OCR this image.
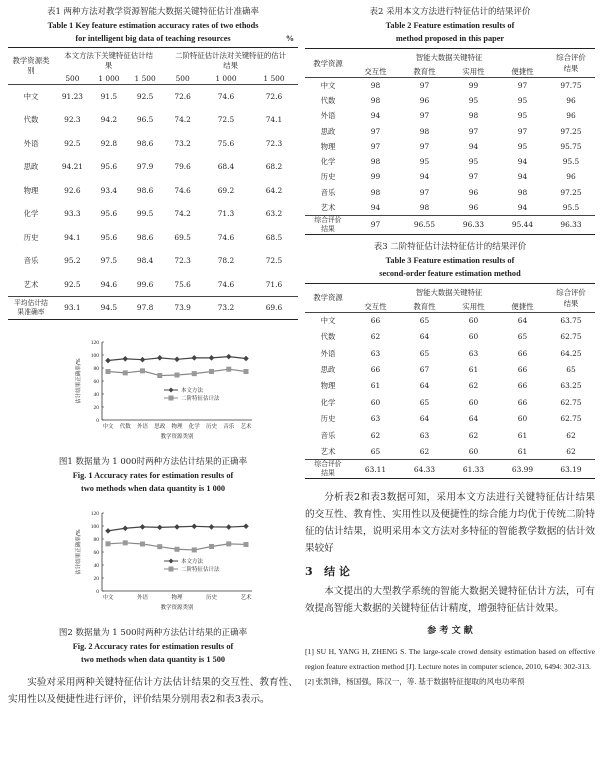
表1 两种方法对教学资源智能大数据关键特征估计准确率
Table 1 Key feature estimation accuracy rates of two ethods
for intelligent big data of teaching resources	%
教学资源类别	本文方法下关键特征估计结果			二阶特征估计法对关键特征的估计结果		
	500	1 000	1 500	500	1 000	1 500
中文	91.23	91.5	92.5	72.6	74.6	72.6
代数	92.3	94.2	96.5	74.2	72.5	74.1
外语	92.5	92.8	98.6	73.2	75.6	72.3
思政	94.21	95.6	97.9	79.6	68.4	68.2
物理	92.6	93.4	98.6	74.6	69.2	64.2
化学	93.3	95.6	99.5	74.2	71.3	63.2
历史	94.1	95.6	98.6	69.5	74.6	68.5
音乐	95.2	97.5	98.4	72.3	78.2	72.5
艺术	92.5	94.6	99.6	75.6	74.6	71.6
平均估计结果准确率	93.1	94.5	97.8	73.9	73.2	69.6
0
20
40
60
80
100
120
中文 代数 外语 思政 物理 化学 历史 音乐 艺术
估计结果正确率/%
教学资源类别
本文方法
二阶特征估计法
图1 数据量为 1 000时两种方法估计结果的正确率
Fig. 1 Accuracy rates for estimation results of
two methods when data quantity is 1 000
0
20
40
60
80
100
120
中文	外语	物理	历史	艺术
估计结果正确率/%
教学资源类别
本文方法
二阶特征估计法
图2 数据量为 1 500时两种方法估计结果的正确率
Fig. 2 Accuracy rates for estimation results of
two methods when data quantity is 1 500

实验对采用两种关键特征估计方法估计结果的交互性、教育性、实用性以及便捷性进行评价，评价结果分别用表2和表3表示。

表2 采用本文方法进行特征估计的结果评价
Table 2 Feature estimation results of
method proposed in this paper
教学资源	智能大数据关键特征				综合评价结果
	交互性	教育性	实用性	便捷性	
中文	98	97	99	97	97.75
代数	98	96	95	95	96
外语	94	97	98	95	96
思政	97	98	97	97	97.25
物理	97	97	94	95	95.75
化学	98	95	95	94	95.5
历史	99	94	97	94	96
音乐	98	97	96	98	97.25
艺术	94	98	96	94	95.5
综合评价结果	97	96.55	96.33	95.44	96.33
表3 二阶特征估计法特征估计的结果评价
Table 3 Feature estimation results of
second-order feature estimation method
教学资源	智能大数据关键特征				综合评价结果
	交互性	教育性	实用性	便捷性	
中文	66	65	60	64	63.75
代数	62	64	60	65	62.75
外语	63	65	63	66	64.25
思政	66	67	61	66	65
物理	61	64	62	66	63.25
化学	60	65	60	66	62.75
历史	63	64	64	60	62.75
音乐	62	63	62	61	62
艺术	65	62	60	61	62
综合评价结果	63.11	64.33	61.33	63.99	63.19

分析表2和表3数据可知，采用本文方法进行关键特征估计结果的交互性、教育性、实用性以及便捷性的综合能力均优于传统二阶特征的估计结果，说明采用本文方法对多特征的智能教学数据的估计效果较好

3 结 论

本文提出的大型教学系统的智能大数据关键特征估计方法，可有效提高智能大数据的关键特征估计精度，增强特征估计效果。

参 考 文 献
[1] SU H, YANG H, ZHENG S. The large-scale crowd density estimation based on effective region feature extraction method [J]. Lecture notes in computer science, 2010, 6494: 302-313.
[2] 张凯锋，杨国强，陈汉一，等. 基于数据特征提取的风电功率预
